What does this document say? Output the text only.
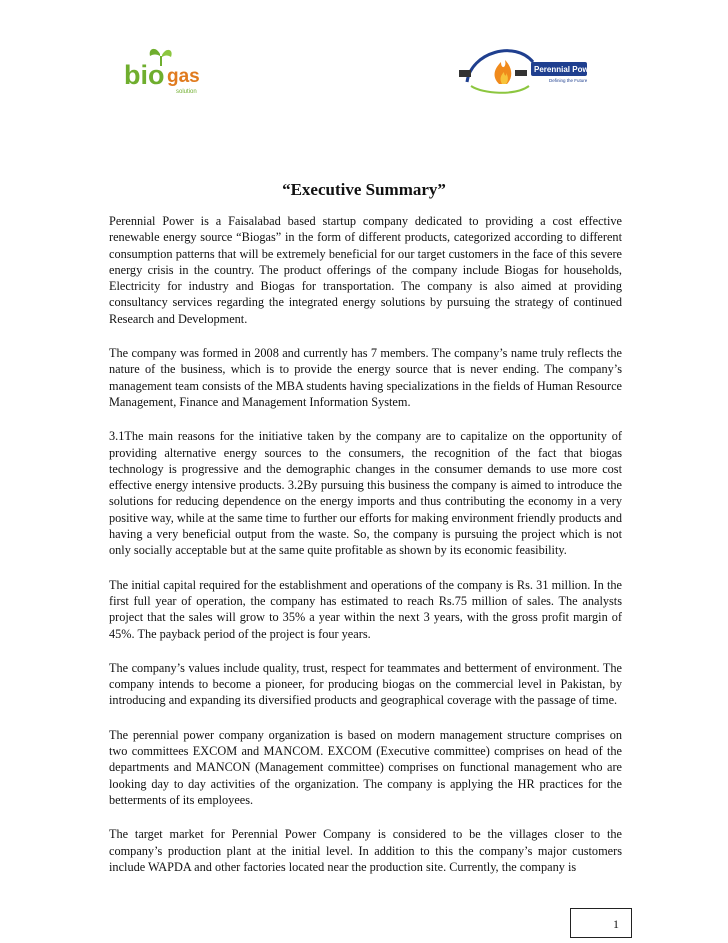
bio gas
solution
Perennial Powers
Defining the Future
“Executive Summary”

Perennial Power is a Faisalabad based startup company dedicated to providing a cost effective renewable energy source “Biogas” in the form of different products, categorized according to different consumption patterns that will be extremely beneficial for our target customers in the face of this severe energy crisis in the country. The product offerings of the company include Biogas for households, Electricity for industry and Biogas for transportation. The company is also aimed at providing consultancy services regarding the integrated energy solutions by pursuing the strategy of continued Research and Development.

The company was formed in 2008 and currently has 7 members. The company’s name truly reflects the nature of the business, which is to provide the energy source that is never ending. The company’s management team consists of the MBA students having specializations in the fields of Human Resource Management, Finance and Management Information System.

3.1The main reasons for the initiative taken by the company are to capitalize on the opportunity of providing alternative energy sources to the consumers, the recognition of the fact that biogas technology is progressive and the demographic changes in the consumer demands to use more cost effective energy intensive products. 3.2By pursuing this business the company is aimed to introduce the solutions for reducing dependence on the energy imports and thus contributing the economy in a very positive way, while at the same time to further our efforts for making environment friendly products and having a very beneficial output from the waste. So, the company is pursuing the project which is not only socially acceptable but at the same quite profitable as shown by its economic feasibility.

The initial capital required for the establishment and operations of the company is Rs. 31 million. In the first full year of operation, the company has estimated to reach Rs.75 million of sales. The analysts project that the sales will grow to 35% a year within the next 3 years, with the gross profit margin of 45%. The payback period of the project is four years.

The company’s values include quality, trust, respect for teammates and betterment of environment. The company intends to become a pioneer, for producing biogas on the commercial level in Pakistan, by introducing and expanding its diversified products and geographical coverage with the passage of time.

The perennial power company organization is based on modern management structure comprises on two committees EXCOM and MANCOM. EXCOM (Executive committee) comprises on head of the departments and MANCON (Management committee) comprises on functional management who are looking day to day activities of the organization. The company is applying the HR practices for the betterments of its employees.

The target market for Perennial Power Company is considered to be the villages closer to the company’s production plant at the initial level. In addition to this the company’s major customers include WAPDA and other factories located near the production site. Currently, the company is

1
